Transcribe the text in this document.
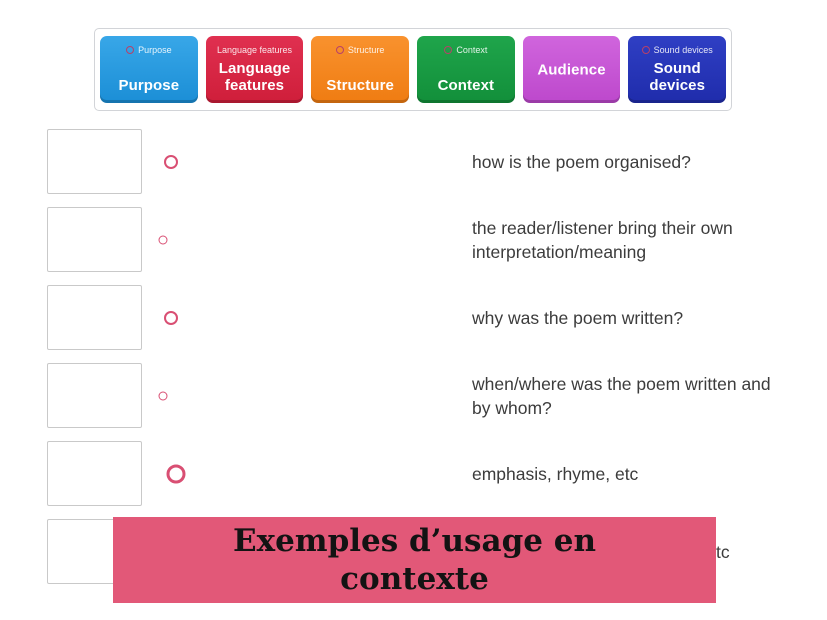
Purpose
Purpose
Language features
Language features
Structure
Structure
Context
Context
Audience
Sound devices
Sound devices
how is the poem organised?
the reader/listener bring their own interpretation/meaning
why was the poem written?
when/where was the poem written and by whom?
emphasis, rhyme, etc
tc
Exemples d’usage en contexte
